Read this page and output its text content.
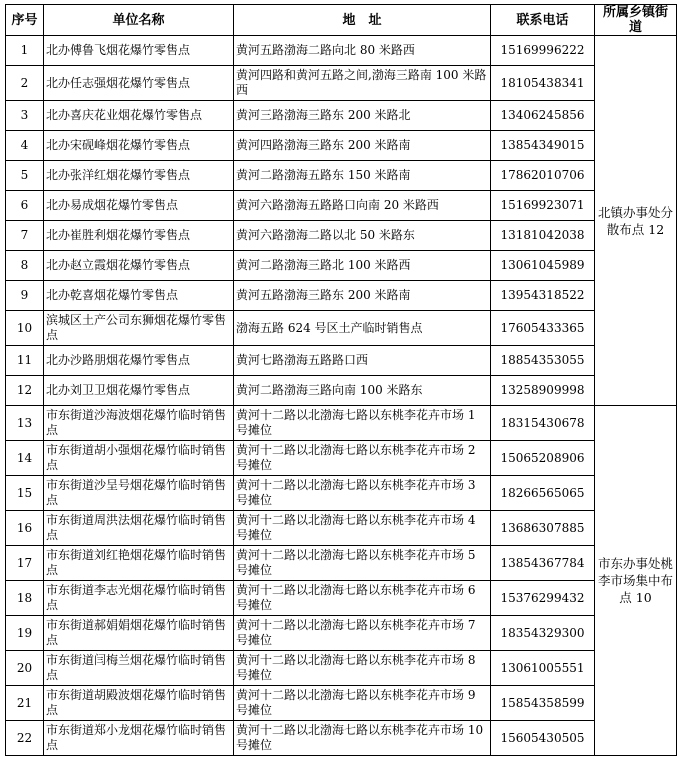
序号	单位名称	地　址	联系电话	所属乡镇街道
1	北办傅鲁飞烟花爆竹零售点	黄河五路渤海二路向北 80 米路西	15169996222	北镇办事处分散布点 12
2	北办任志强烟花爆竹零售点	黄河四路和黄河五路之间,渤海三路南 100 米路西	18105438341	
3	北办喜庆花业烟花爆竹零售点	黄河三路渤海三路东 200 米路北	13406245856	
4	北办宋砚峰烟花爆竹零售点	黄河四路渤海三路东 200 米路南	13854349015	
5	北办张洋红烟花爆竹零售点	黄河二路渤海五路东 150 米路南	17862010706	
6	北办易成烟花爆竹零售点	黄河六路渤海五路路口向南 20 米路西	15169923071	
7	北办崔胜利烟花爆竹零售点	黄河六路渤海二路以北 50 米路东	13181042038	
8	北办赵立霞烟花爆竹零售点	黄河二路渤海三路北 100 米路西	13061045989	
9	北办乾喜烟花爆竹零售点	黄河五路渤海三路东 200 米路南	13954318522	
10	滨城区土产公司东狮烟花爆竹零售点	渤海五路 624 号区土产临时销售点	17605433365	
11	北办沙路朋烟花爆竹零售点	黄河七路渤海五路路口西	18854353055	
12	北办刘卫卫烟花爆竹零售点	黄河二路渤海三路向南 100 米路东	13258909998	
13	市东街道沙海波烟花爆竹临时销售点	黄河十二路以北渤海七路以东桃李花卉市场 1 号摊位	18315430678	市东办事处桃李市场集中布点 10
14	市东街道胡小强烟花爆竹临时销售点	黄河十二路以北渤海七路以东桃李花卉市场 2 号摊位	15065208906	
15	市东街道沙呈号烟花爆竹临时销售点	黄河十二路以北渤海七路以东桃李花卉市场 3 号摊位	18266565065	
16	市东街道周洪法烟花爆竹临时销售点	黄河十二路以北渤海七路以东桃李花卉市场 4 号摊位	13686307885	
17	市东街道刘红艳烟花爆竹临时销售点	黄河十二路以北渤海七路以东桃李花卉市场 5 号摊位	13854367784	
18	市东街道李志光烟花爆竹临时销售点	黄河十二路以北渤海七路以东桃李花卉市场 6 号摊位	15376299432	
19	市东街道郝娟娟烟花爆竹临时销售点	黄河十二路以北渤海七路以东桃李花卉市场 7 号摊位	18354329300	
20	市东街道闫梅兰烟花爆竹临时销售点	黄河十二路以北渤海七路以东桃李花卉市场 8 号摊位	13061005551	
21	市东街道胡殿波烟花爆竹临时销售点	黄河十二路以北渤海七路以东桃李花卉市场 9 号摊位	15854358599	
22	市东街道郑小龙烟花爆竹临时销售点	黄河十二路以北渤海七路以东桃李花卉市场 10 号摊位	15605430505	
